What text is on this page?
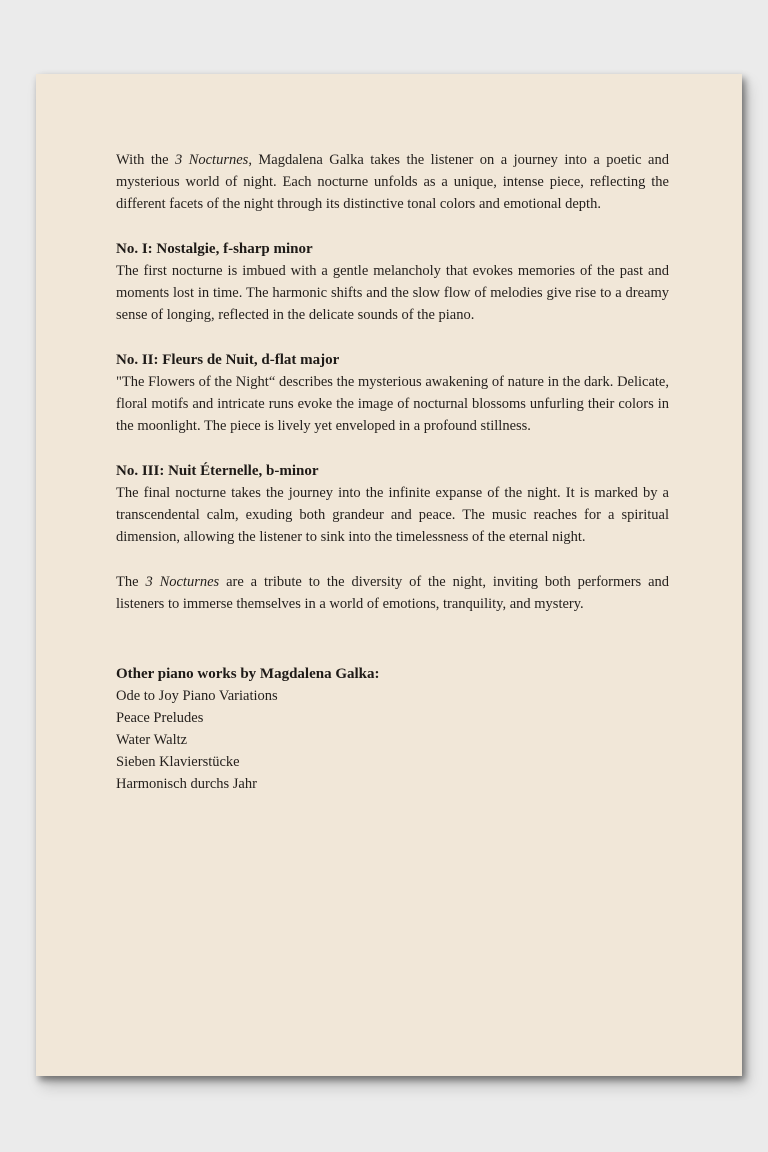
With the 3 Nocturnes, Magdalena Galka takes the listener on a journey into a poetic and mysterious world of night. Each nocturne unfolds as a unique, intense piece, reflecting the different facets of the night through its distinctive tonal colors and emotional depth.

No. I: Nostalgie, f-sharp minor

The first nocturne is imbued with a gentle melancholy that evokes memories of the past and moments lost in time. The harmonic shifts and the slow flow of melodies give rise to a dreamy sense of longing, reflected in the delicate sounds of the piano.

No. II: Fleurs de Nuit, d-flat major

"The Flowers of the Night“ describes the mysterious awakening of nature in the dark. Delicate, floral motifs and intricate runs evoke the image of nocturnal blossoms unfurling their colors in the moonlight. The piece is lively yet enveloped in a profound stillness.

No. III: Nuit Éternelle, b-minor

The final nocturne takes the journey into the infinite expanse of the night. It is marked by a transcendental calm, exuding both grandeur and peace. The music reaches for a spiritual dimension, allowing the listener to sink into the timelessness of the eternal night.

The 3 Nocturnes are a tribute to the diversity of the night, inviting both performers and listeners to immerse themselves in a world of emotions, tranquility, and mystery.

Other piano works by Magdalena Galka:
Ode to Joy Piano Variations
Peace Preludes
Water Waltz
Sieben Klavierstücke
Harmonisch durchs Jahr
